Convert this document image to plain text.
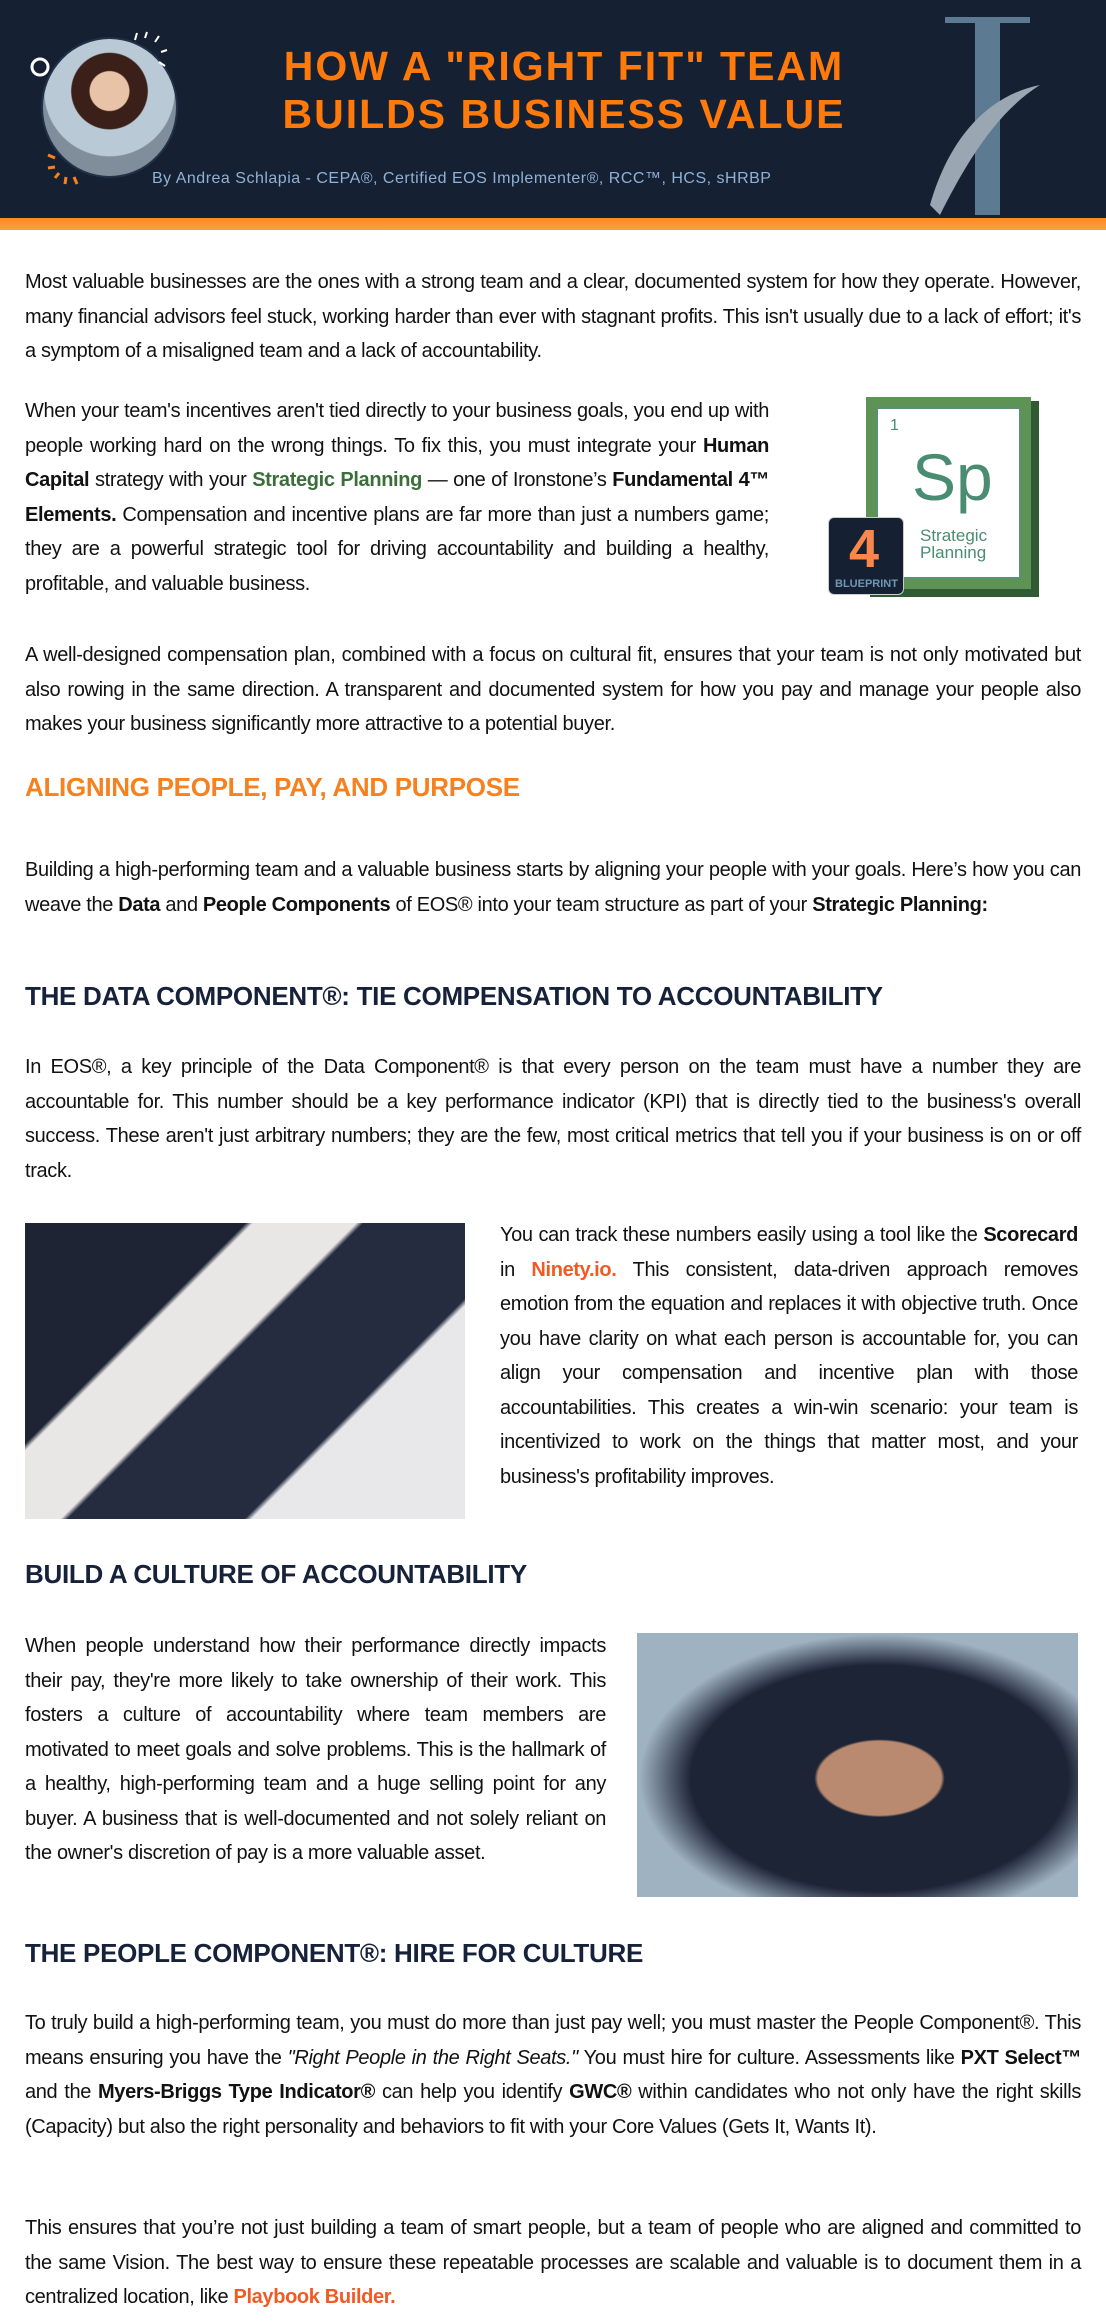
HOW A "RIGHT FIT" TEAM
BUILDS BUSINESS VALUE
By Andrea Schlapia - CEPA®, Certified EOS Implementer®, RCC™, HCS, sHRBP

Most valuable businesses are the ones with a strong team and a clear, documented system for how they operate. However, many financial advisors feel stuck, working harder than ever with stagnant profits. This isn't usually due to a lack of effort; it's a symptom of a misaligned team and a lack of accountability.

When your team's incentives aren't tied directly to your business goals, you end up with people working hard on the wrong things. To fix this, you must integrate your Human Capital strategy with your Strategic Planning — one of Ironstone’s Fundamental 4™ Elements. Compensation and incentive plans are far more than just a numbers game; they are a powerful strategic tool for driving accountability and building a healthy, profitable, and valuable business.

1
Sp
Strategic
Planning
4
BLUEPRINT

A well-designed compensation plan, combined with a focus on cultural fit, ensures that your team is not only motivated but also rowing in the same direction. A transparent and documented system for how you pay and manage your people also makes your business significantly more attractive to a potential buyer.

ALIGNING PEOPLE, PAY, AND PURPOSE

Building a high-performing team and a valuable business starts by aligning your people with your goals. Here’s how you can weave the Data and People Components of EOS® into your team structure as part of your Strategic Planning:

THE DATA COMPONENT®: TIE COMPENSATION TO ACCOUNTABILITY

In EOS®, a key principle of the Data Component® is that every person on the team must have a number they are accountable for. This number should be a key performance indicator (KPI) that is directly tied to the business's overall success. These aren't just arbitrary numbers; they are the few, most critical metrics that tell you if your business is on or off track.

You can track these numbers easily using a tool like the Scorecard in Ninety.io. This consistent, data-driven approach removes emotion from the equation and replaces it with objective truth. Once you have clarity on what each person is accountable for, you can align your compensation and incentive plan with those accountabilities. This creates a win-win scenario: your team is incentivized to work on the things that matter most, and your business's profitability improves.

BUILD A CULTURE OF ACCOUNTABILITY

When people understand how their performance directly impacts their pay, they're more likely to take ownership of their work. This fosters a culture of accountability where team members are motivated to meet goals and solve problems. This is the hallmark of a healthy, high-performing team and a huge selling point for any buyer. A business that is well-documented and not solely reliant on the owner's discretion of pay is a more valuable asset.

THE PEOPLE COMPONENT®: HIRE FOR CULTURE

To truly build a high-performing team, you must do more than just pay well; you must master the People Component®. This means ensuring you have the "Right People in the Right Seats." You must hire for culture. Assessments like PXT Select™ and the Myers-Briggs Type Indicator® can help you identify GWC® within candidates who not only have the right skills (Capacity) but also the right personality and behaviors to fit with your Core Values (Gets It, Wants It).

This ensures that you’re not just building a team of smart people, but a team of people who are aligned and committed to the same Vision. The best way to ensure these repeatable processes are scalable and valuable is to document them in a centralized location, like Playbook Builder.
